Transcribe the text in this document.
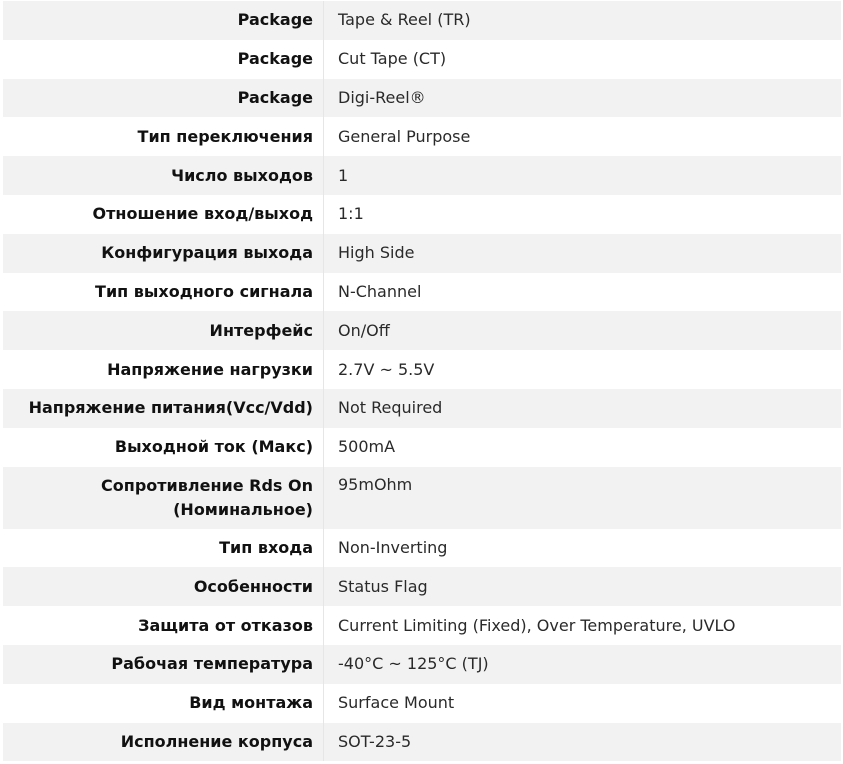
Package	Tape & Reel (TR)
Package	Cut Tape (CT)
Package	Digi-Reel®
Тип переключения	General Purpose
Число выходов	1
Отношение вход/выход	1:1
Конфигурация выхода	High Side
Тип выходного сигнала	N-Channel
Интерфейс	On/Off
Напряжение нагрузки	2.7V ~ 5.5V
Напряжение питания(Vcc/Vdd)	Not Required
Выходной ток (Макс)	500mA
Сопротивление Rds On (Номинальное)	95mOhm
Тип входа	Non-Inverting
Особенности	Status Flag
Защита от отказов	Current Limiting (Fixed), Over Temperature, UVLO
Рабочая температура	-40°C ~ 125°C (TJ)
Вид монтажа	Surface Mount
Исполнение корпуса	SOT-23-5
